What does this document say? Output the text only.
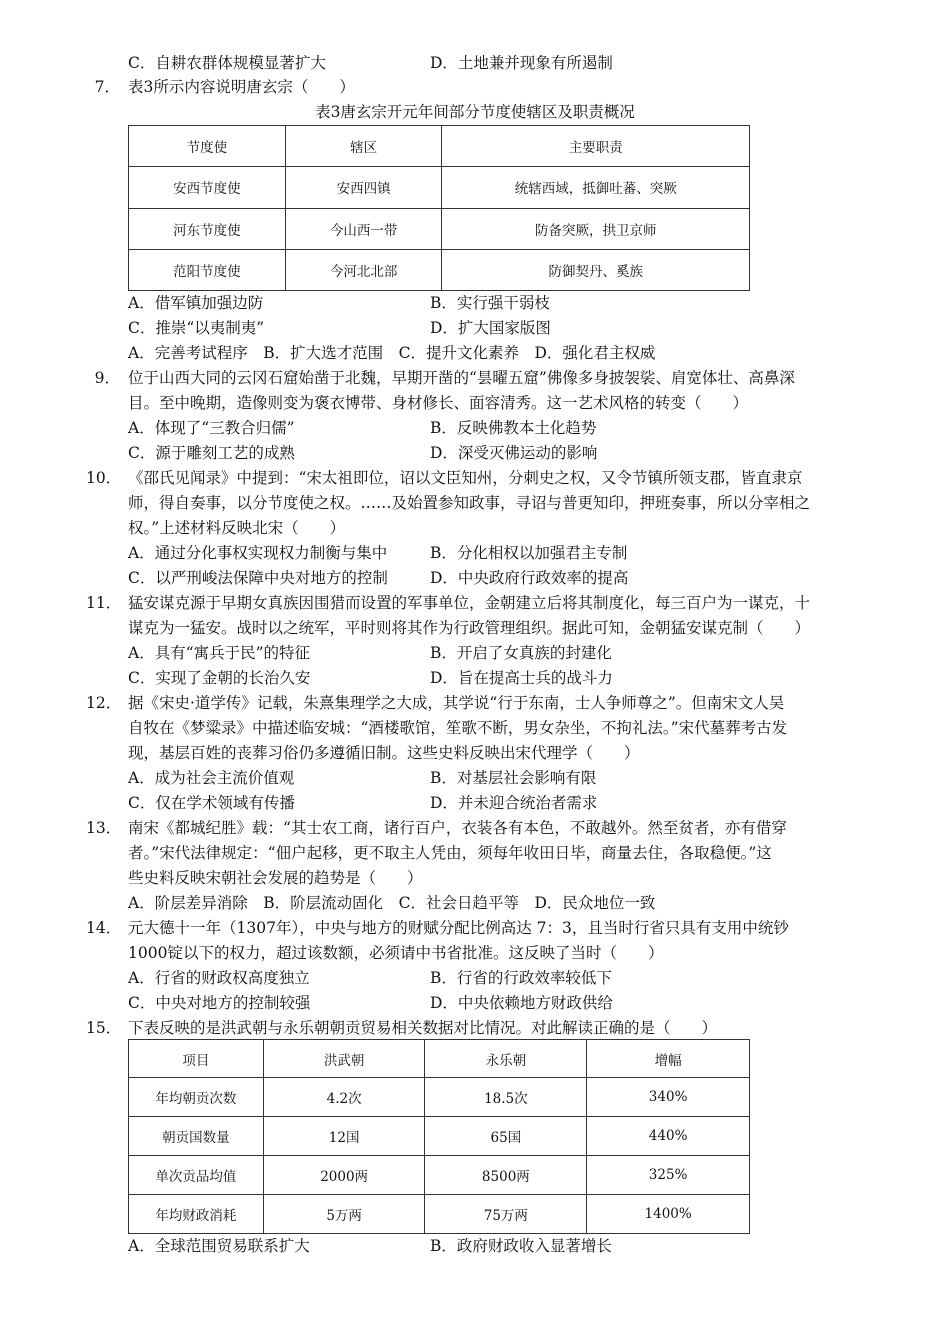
C．自耕农群体规模显著扩大	D．土地兼并现象有所遏制
7． 表3所示内容说明唐玄宗（　　）
表3唐玄宗开元年间部分节度使辖区及职责概况
节度使	辖区	主要职责
安西节度使	安西四镇	统辖西域，抵御吐蕃、突厥
河东节度使	今山西一带	防备突厥，拱卫京师
范阳节度使	今河北北部	防御契丹、奚族
A．借军镇加强边防	B．实行强干弱枝
C．推崇“以夷制夷”	D．扩大国家版图
A．完善考试程序　B．扩大选才范围　C．提升文化素养　D．强化君主权威
9． 位于山西大同的云冈石窟始凿于北魏，早期开凿的“昙曜五窟”佛像多身披袈裟、肩宽体壮、高鼻深
目。至中晚期，造像则变为褒衣博带、身材修长、面容清秀。这一艺术风格的转变（　　）
A．体现了“三教合归儒”	B．反映佛教本土化趋势
C．源于雕刻工艺的成熟	D．深受灭佛运动的影响
10． 《邵氏见闻录》中提到：“宋太祖即位，诏以文臣知州，分刺史之权，又令节镇所领支郡，皆直隶京
师，得自奏事，以分节度使之权。……及始置参知政事，寻诏与普更知印，押班奏事，所以分宰相之
权。”上述材料反映北宋（　　）
A．通过分化事权实现权力制衡与集中	B．分化相权以加强君主专制
C．以严刑峻法保障中央对地方的控制	D．中央政府行政效率的提高
11． 猛安谋克源于早期女真族因围猎而设置的军事单位，金朝建立后将其制度化，每三百户为一谋克，十
谋克为一猛安。战时以之统军，平时则将其作为行政管理组织。据此可知，金朝猛安谋克制（　　）
A．具有“寓兵于民”的特征	B．开启了女真族的封建化
C．实现了金朝的长治久安	D．旨在提高士兵的战斗力
12． 据《宋史·道学传》记载，朱熹集理学之大成，其学说“行于东南，士人争师尊之”。但南宋文人吴
自牧在《梦粱录》中描述临安城：“酒楼歌馆，笙歌不断，男女杂坐，不拘礼法。”宋代墓葬考古发
现，基层百姓的丧葬习俗仍多遵循旧制。这些史料反映出宋代理学（　　）
A．成为社会主流价值观	B．对基层社会影响有限
C．仅在学术领域有传播	D．并未迎合统治者需求
13． 南宋《都城纪胜》载：“其士农工商，诸行百户，衣装各有本色，不敢越外。然至贫者，亦有借穿
者。”宋代法律规定：“佃户起移，更不取主人凭由，须每年收田日毕，商量去住，各取稳便。”这
些史料反映宋朝社会发展的趋势是（　　）
A．阶层差异消除　B．阶层流动固化　C．社会日趋平等　D．民众地位一致
14． 元大德十一年（1307年），中央与地方的财赋分配比例高达 7：3，且当时行省只具有支用中统钞
1000锭以下的权力，超过该数额，必须请中书省批准。这反映了当时（　　）
A．行省的财政权高度独立	B．行省的行政效率较低下
C．中央对地方的控制较强	D．中央依赖地方财政供给
15． 下表反映的是洪武朝与永乐朝朝贡贸易相关数据对比情况。对此解读正确的是（　　）
项目	洪武朝	永乐朝	增幅
年均朝贡次数	4.2次	18.5次	340%
朝贡国数量	12国	65国	440%
单次贡品均值	2000两	8500两	325%
年均财政消耗	5万两	75万两	1400%
A．全球范围贸易联系扩大	B．政府财政收入显著增长
